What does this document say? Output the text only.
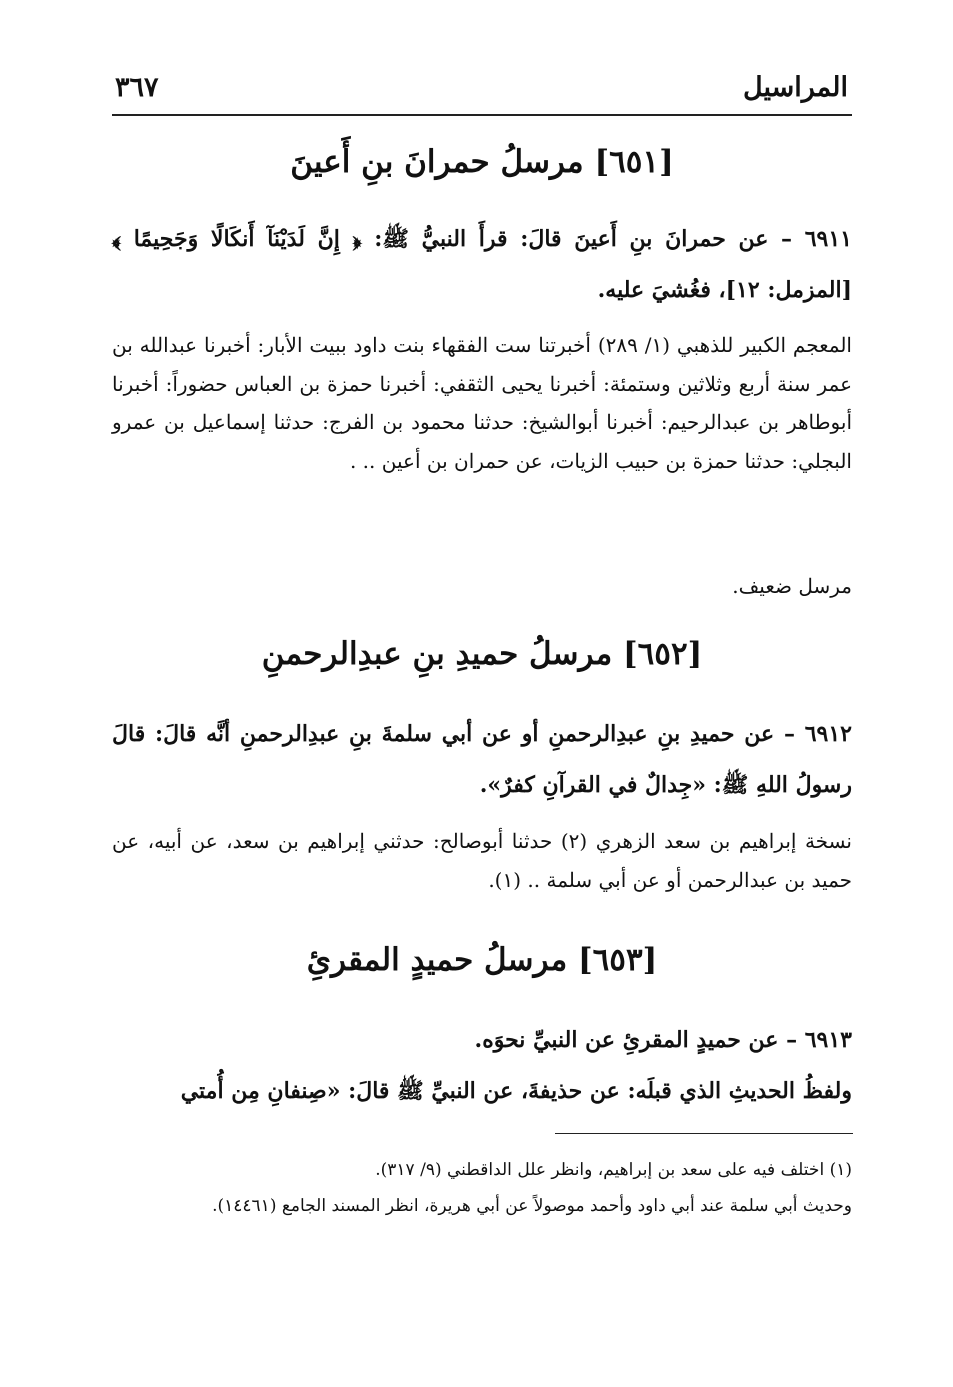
المراسيل
٣٦٧
[٦٥١] مرسلُ حمرانَ بنِ أَعينَ
٦٩١١ – عن حمرانَ بنِ أَعينَ قالَ: قرأَ النبيُّ ﷺ: ﴿ إِنَّ لَدَيْنَآ أَنكَالًا وَجَحِيمًا ﴾ [المزمل: ١٢]، فغُشيَ عليه.
المعجم الكبير للذهبي (١/ ٢٨٩) أخبرتنا ست الفقهاء بنت داود ببيت الأبار: أخبرنا عبدالله بن عمر سنة أربع وثلاثين وستمئة: أخبرنا يحيى الثقفي: أخبرنا حمزة بن العباس حضوراً: أخبرنا أبوطاهر بن عبدالرحيم: أخبرنا أبوالشيخ: حدثنا محمود بن الفرج: حدثنا إسماعيل بن عمرو البجلي: حدثنا حمزة بن حبيب الزيات، عن حمران بن أعين .. .
مرسل ضعيف.
[٦٥٢] مرسلُ حميدِ بنِ عبدِالرحمنِ
٦٩١٢ – عن حميدِ بنِ عبدِالرحمنِ أو عن أبي سلمةَ بنِ عبدِالرحمنِ أنَّه قالَ: قالَ رسولُ اللهِ ﷺ: «جِدالٌ في القرآنِ كفرٌ».
نسخة إبراهيم بن سعد الزهري (٢) حدثنا أبوصالح: حدثني إبراهيم بن سعد، عن أبيه، عن حميد بن عبدالرحمن أو عن أبي سلمة .. (١).
[٦٥٣] مرسلُ حميدٍ المقرئِ
٦٩١٣ – عن حميدٍ المقرئِ عن النبيِّ نحوَه.
ولفظُ الحديثِ الذي قبلَه: عن حذيفةَ، عن النبيِّ ﷺ قالَ: «صِنفانِ مِن أُمتي
(١) اختلف فيه على سعد بن إبراهيم، وانظر علل الداقطني (٩/ ٣١٧).
وحديث أبي سلمة عند أبي داود وأحمد موصولاً عن أبي هريرة، انظر المسند الجامع (١٤٤٦١).
